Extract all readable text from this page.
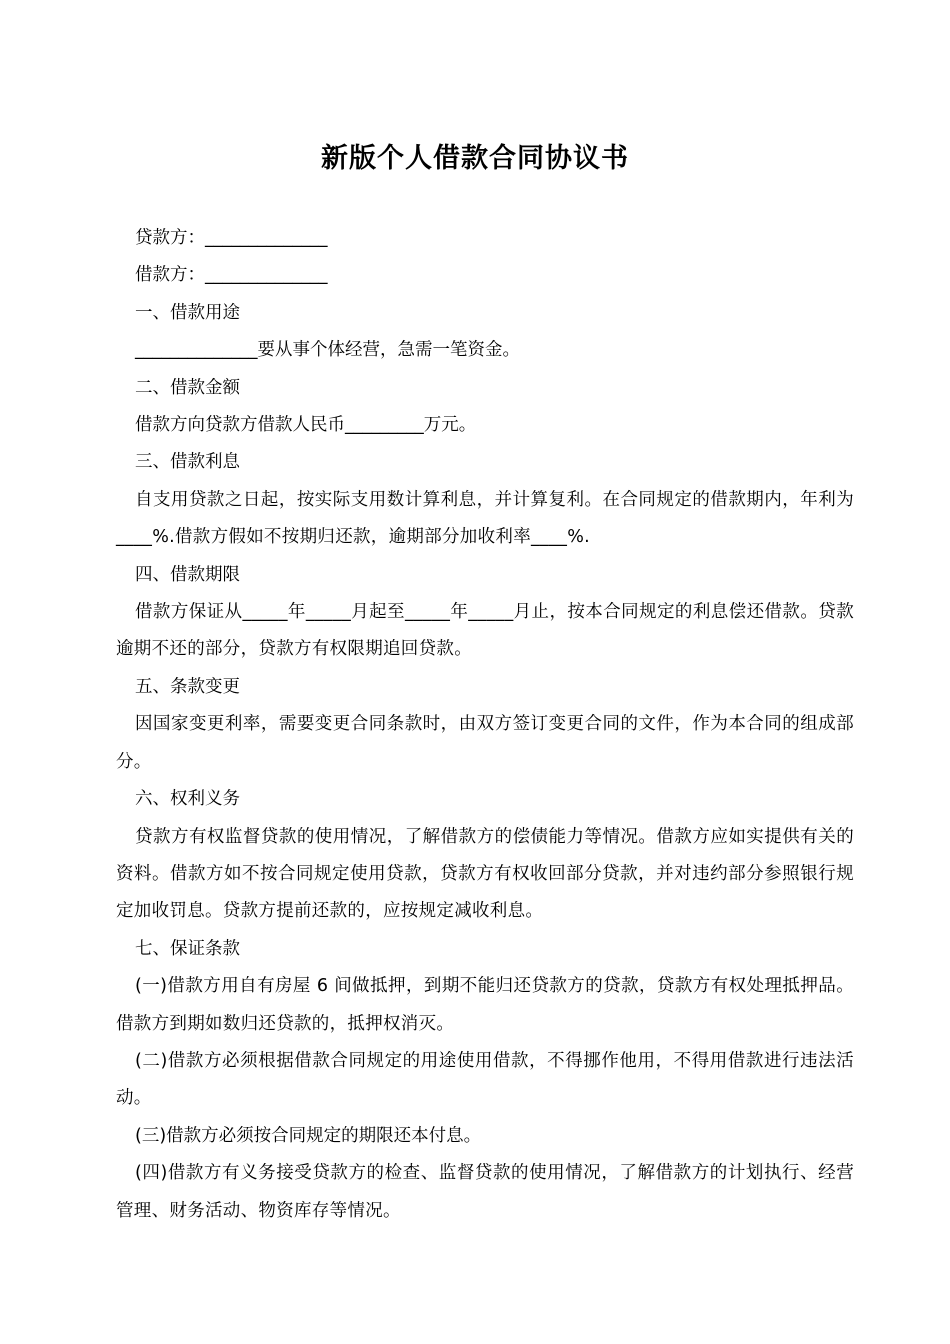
新版个人借款合同协议书

贷款方：______________

借款方：______________

一、借款用途

______________要从事个体经营，急需一笔资金。

二、借款金额

借款方向贷款方借款人民币_________万元。

三、借款利息

自支用贷款之日起，按实际支用数计算利息，并计算复利。在合同规定的借款期内，年利为____%.借款方假如不按期归还款，逾期部分加收利率____%.

四、借款期限

借款方保证从_____年_____月起至_____年_____月止，按本合同规定的利息偿还借款。贷款逾期不还的部分，贷款方有权限期追回贷款。

五、条款变更

因国家变更利率，需要变更合同条款时，由双方签订变更合同的文件，作为本合同的组成部分。

六、权利义务

贷款方有权监督贷款的使用情况，了解借款方的偿债能力等情况。借款方应如实提供有关的资料。借款方如不按合同规定使用贷款，贷款方有权收回部分贷款，并对违约部分参照银行规定加收罚息。贷款方提前还款的，应按规定减收利息。

七、保证条款

(一)借款方用自有房屋 6 间做抵押，到期不能归还贷款方的贷款，贷款方有权处理抵押品。借款方到期如数归还贷款的，抵押权消灭。

(二)借款方必须根据借款合同规定的用途使用借款，不得挪作他用，不得用借款进行违法活动。

(三)借款方必须按合同规定的期限还本付息。

(四)借款方有义务接受贷款方的检查、监督贷款的使用情况，了解借款方的计划执行、经营管理、财务活动、物资库存等情况。
